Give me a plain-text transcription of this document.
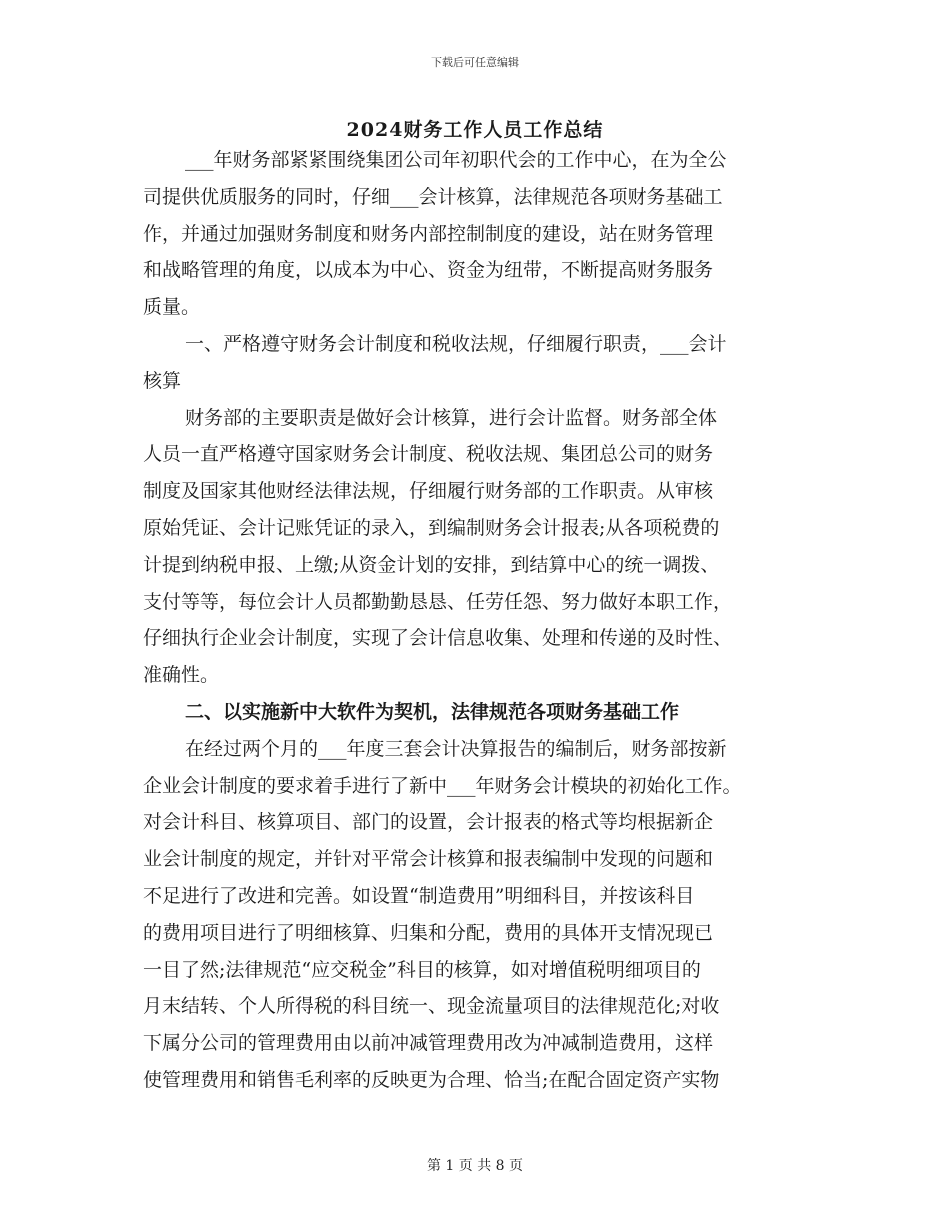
下载后可任意编辑
2024财务工作人员工作总结
___年财务部紧紧围绕集团公司年初职代会的工作中心，在为全公
司提供优质服务的同时，仔细___会计核算，法律规范各项财务基础工
作，并通过加强财务制度和财务内部控制制度的建设，站在财务管理
和战略管理的角度，以成本为中心、资金为纽带，不断提高财务服务
质量。
一、严格遵守财务会计制度和税收法规，仔细履行职责，___会计
核算
财务部的主要职责是做好会计核算，进行会计监督。财务部全体
人员一直严格遵守国家财务会计制度、税收法规、集团总公司的财务
制度及国家其他财经法律法规，仔细履行财务部的工作职责。从审核
原始凭证、会计记账凭证的录入，到编制财务会计报表;从各项税费的
计提到纳税申报、上缴;从资金计划的安排，到结算中心的统一调拨、
支付等等，每位会计人员都勤勤恳恳、任劳任怨、努力做好本职工作，
仔细执行企业会计制度，实现了会计信息收集、处理和传递的及时性、
准确性。
二、以实施新中大软件为契机，法律规范各项财务基础工作
在经过两个月的___年度三套会计决算报告的编制后，财务部按新
企业会计制度的要求着手进行了新中___年财务会计模块的初始化工作。
对会计科目、核算项目、部门的设置，会计报表的格式等均根据新企
业会计制度的规定，并针对平常会计核算和报表编制中发现的问题和
不足进行了改进和完善。如设置“制造费用”明细科目，并按该科目
的费用项目进行了明细核算、归集和分配，费用的具体开支情况现已
一目了然;法律规范“应交税金”科目的核算，如对增值税明细项目的
月末结转、个人所得税的科目统一、现金流量项目的法律规范化;对收
下属分公司的管理费用由以前冲减管理费用改为冲减制造费用，这样
使管理费用和销售毛利率的反映更为合理、恰当;在配合固定资产实物
第 1 页 共 8 页
